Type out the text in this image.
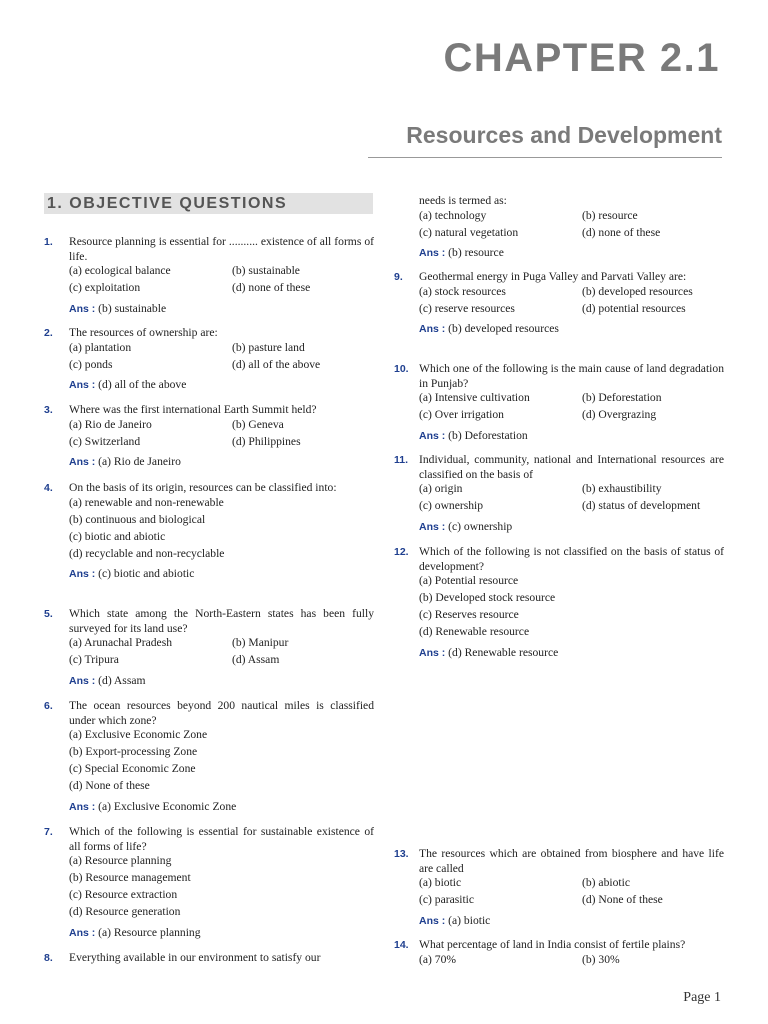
CHAPTER 2.1
Resources and Development
1. OBJECTIVE QUESTIONS
1. Resource planning is essential for .......... existence of all forms of life.
(a) ecological balance	(b) sustainable
(c) exploitation	(d) none of these
Ans : (b) sustainable
2. The resources of ownership are:
(a) plantation	(b) pasture land
(c) ponds	(d) all of the above
Ans : (d) all of the above
3. Where was the first international Earth Summit held?
(a) Rio de Janeiro	(b) Geneva
(c) Switzerland	(d) Philippines
Ans : (a) Rio de Janeiro
4. On the basis of its origin, resources can be classified into:
(a) renewable and non-renewable
(b) continuous and biological
(c) biotic and abiotic
(d) recyclable and non-recyclable
Ans : (c) biotic and abiotic
5. Which state among the North-Eastern states has been fully surveyed for its land use?
(a) Arunachal Pradesh	(b) Manipur
(c) Tripura	(d) Assam
Ans : (d) Assam
6. The ocean resources beyond 200 nautical miles is classified under which zone?
(a) Exclusive Economic Zone
(b) Export-processing Zone
(c) Special Economic Zone
(d) None of these
Ans : (a) Exclusive Economic Zone
7. Which of the following is essential for sustainable existence of all forms of life?
(a) Resource planning
(b) Resource management
(c) Resource extraction
(d) Resource generation
Ans : (a) Resource planning
8. Everything available in our environment to satisfy our
needs is termed as:
(a) technology	(b) resource
(c) natural vegetation	(d) none of these
Ans : (b) resource
9. Geothermal energy in Puga Valley and Parvati Valley are:
(a) stock resources	(b) developed resources
(c) reserve resources	(d) potential resources
Ans : (b) developed resources
10. Which one of the following is the main cause of land degradation in Punjab?
(a) Intensive cultivation	(b) Deforestation
(c) Over irrigation	(d) Overgrazing
Ans : (b) Deforestation
11. Individual, community, national and International resources are classified on the basis of
(a) origin	(b) exhaustibility
(c) ownership	(d) status of development
Ans : (c) ownership
12. Which of the following is not classified on the basis of status of development?
(a) Potential resource
(b) Developed stock resource
(c) Reserves resource
(d) Renewable resource
Ans : (d) Renewable resource
13. The resources which are obtained from biosphere and have life are called
(a) biotic	(b) abiotic
(c) parasitic	(d) None of these
Ans : (a) biotic
14. What percentage of land in India consist of fertile plains?
(a) 70%	(b) 30%
Page 1
